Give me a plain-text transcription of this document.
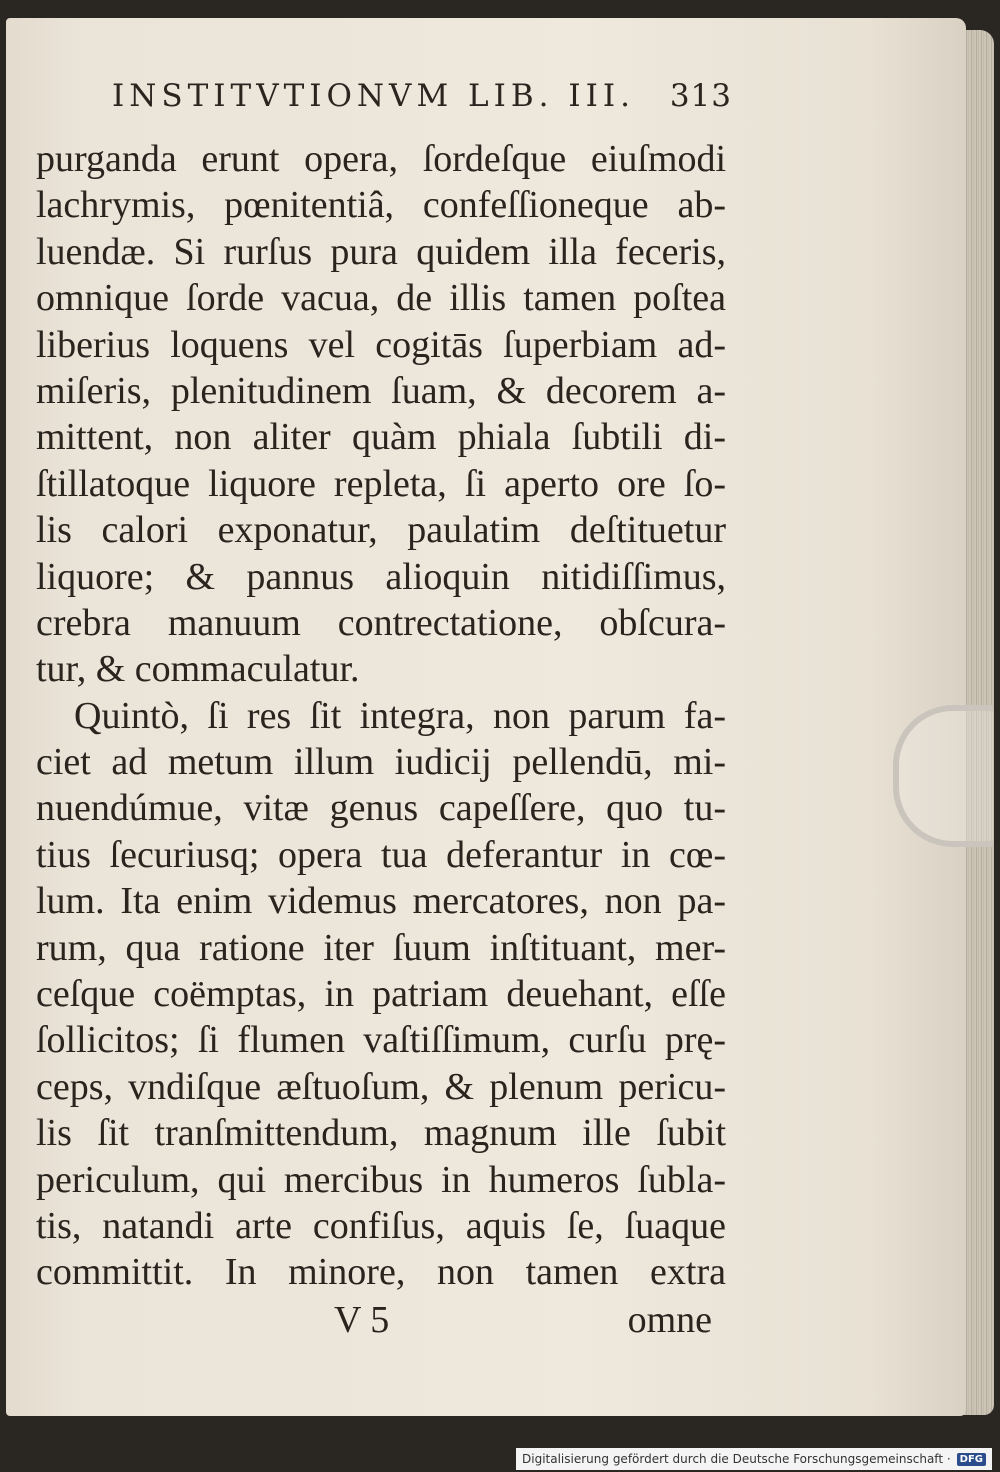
INSTITVTIONVM LIB. III. 313
purganda erunt opera, ſordeſque eiuſmodi
lachrymis, pœnitentiâ, confeſſioneque ab-
luendæ. Si rurſus pura quidem illa feceris,
omnique ſorde vacua, de illis tamen poſtea
liberius loquens vel cogitās ſuperbiam ad-
miſeris, plenitudinem ſuam, & decorem a-
mittent, non aliter quàm phiala ſubtili di-
ſtillatoque liquore repleta, ſi aperto ore ſo-
lis calori exponatur, paulatim deſtituetur
liquore; & pannus alioquin nitidiſſimus,
crebra manuum contrectatione, obſcura-
tur, & commaculatur.
Quintò, ſi res ſit integra, non parum fa-
ciet ad metum illum iudicij pellendū, mi-
nuendúmue, vitæ genus capeſſere, quo tu-
tius ſecuriusq; opera tua deferantur in cœ-
lum. Ita enim videmus mercatores, non pa-
rum, qua ratione iter ſuum inſtituant, mer-
ceſque coëmptas, in patriam deuehant, eſſe
ſollicitos; ſi flumen vaſtiſſimum, curſu prę-
ceps, vndiſque æſtuoſum, & plenum pericu-
lis ſit tranſmittendum, magnum ille ſubit
periculum, qui mercibus in humeros ſubla-
tis, natandi arte confiſus, aquis ſe, ſuaque
committit. In minore, non tamen extra
V 5	omne
Digitalisierung gefördert durch die Deutsche Forschungsgemeinschaft · DFG
